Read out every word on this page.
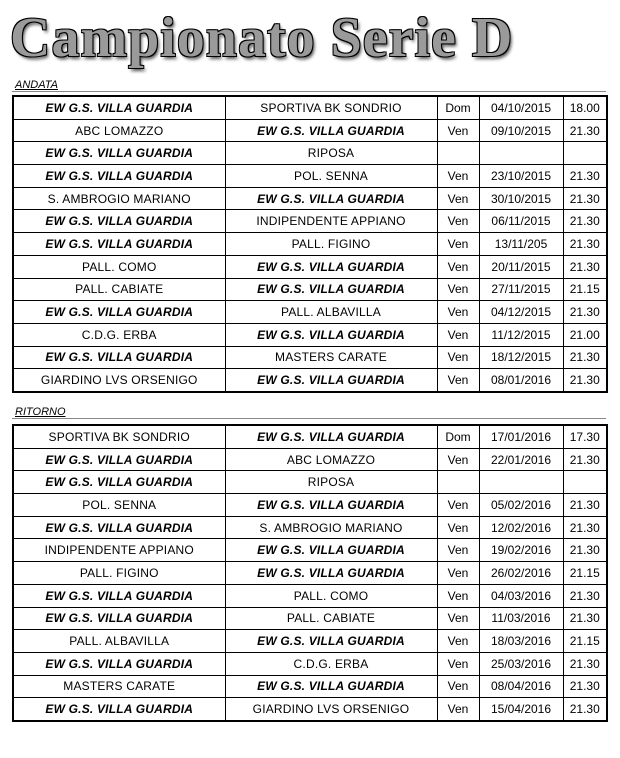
Campionato Serie D
ANDATA
EW G.S. VILLA GUARDIA	SPORTIVA BK SONDRIO	Dom	04/10/2015	18.00
ABC LOMAZZO	EW G.S. VILLA GUARDIA	Ven	09/10/2015	21.30
EW G.S. VILLA GUARDIA	RIPOSA			
EW G.S. VILLA GUARDIA	POL. SENNA	Ven	23/10/2015	21.30
S. AMBROGIO MARIANO	EW G.S. VILLA GUARDIA	Ven	30/10/2015	21.30
EW G.S. VILLA GUARDIA	INDIPENDENTE APPIANO	Ven	06/11/2015	21.30
EW G.S. VILLA GUARDIA	PALL. FIGINO	Ven	13/11/205	21.30
PALL. COMO	EW G.S. VILLA GUARDIA	Ven	20/11/2015	21.30
PALL. CABIATE	EW G.S. VILLA GUARDIA	Ven	27/11/2015	21.15
EW G.S. VILLA GUARDIA	PALL. ALBAVILLA	Ven	04/12/2015	21.30
C.D.G. ERBA	EW G.S. VILLA GUARDIA	Ven	11/12/2015	21.00
EW G.S. VILLA GUARDIA	MASTERS CARATE	Ven	18/12/2015	21.30
GIARDINO LVS ORSENIGO	EW G.S. VILLA GUARDIA	Ven	08/01/2016	21.30
RITORNO
SPORTIVA BK SONDRIO	EW G.S. VILLA GUARDIA	Dom	17/01/2016	17.30
EW G.S. VILLA GUARDIA	ABC LOMAZZO	Ven	22/01/2016	21.30
EW G.S. VILLA GUARDIA	RIPOSA			
POL. SENNA	EW G.S. VILLA GUARDIA	Ven	05/02/2016	21.30
EW G.S. VILLA GUARDIA	S. AMBROGIO MARIANO	Ven	12/02/2016	21.30
INDIPENDENTE APPIANO	EW G.S. VILLA GUARDIA	Ven	19/02/2016	21.30
PALL. FIGINO	EW G.S. VILLA GUARDIA	Ven	26/02/2016	21.15
EW G.S. VILLA GUARDIA	PALL. COMO	Ven	04/03/2016	21.30
EW G.S. VILLA GUARDIA	PALL. CABIATE	Ven	11/03/2016	21.30
PALL. ALBAVILLA	EW G.S. VILLA GUARDIA	Ven	18/03/2016	21.15
EW G.S. VILLA GUARDIA	C.D.G. ERBA	Ven	25/03/2016	21.30
MASTERS CARATE	EW G.S. VILLA GUARDIA	Ven	08/04/2016	21.30
EW G.S. VILLA GUARDIA	GIARDINO LVS ORSENIGO	Ven	15/04/2016	21.30
